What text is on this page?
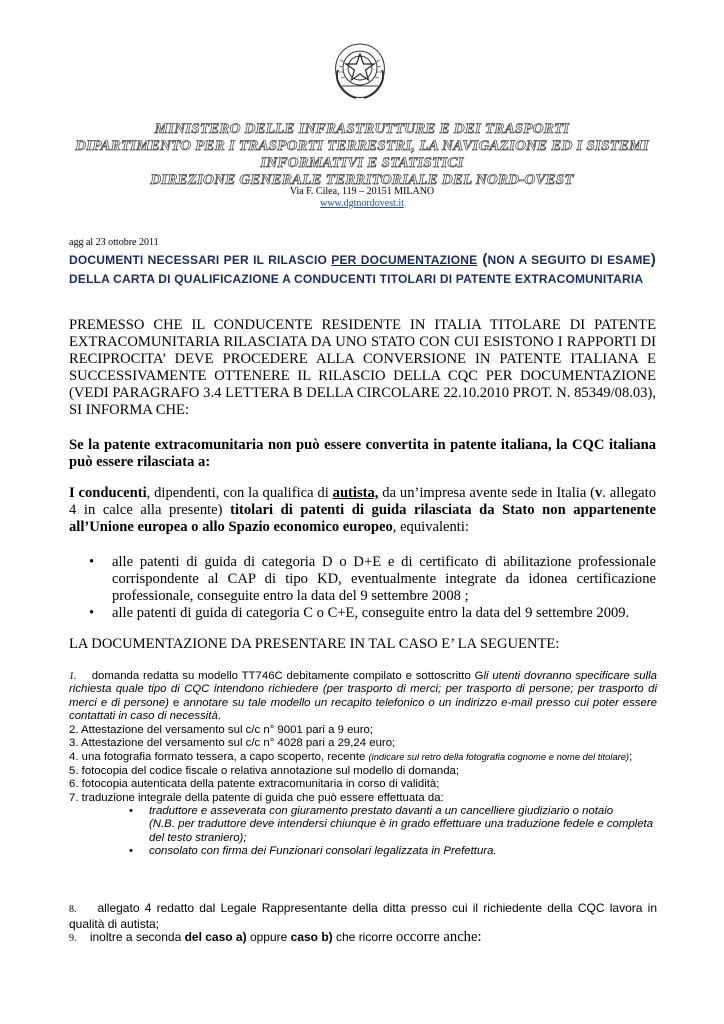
MINISTERO DELLE INFRASTRUTTURE E DEI TRASPORTI
DIPARTIMENTO PER I TRASPORTI TERRESTRI, LA NAVIGAZIONE ED I SISTEMI
INFORMATIVI E STATISTICI
DIREZIONE GENERALE TERRITORIALE DEL NORD-OVEST
Via F. Cilea, 119 – 20151 MILANO
www.dgtnordovest.it
agg al 23 ottobre 2011
DOCUMENTI NECESSARI PER IL RILASCIO PER DOCUMENTAZIONE (NON A SEGUITO DI ESAME) DELLA CARTA DI QUALIFICAZIONE A CONDUCENTI TITOLARI DI PATENTE EXTRACOMUNITARIA
PREMESSO CHE IL CONDUCENTE RESIDENTE IN ITALIA TITOLARE DI PATENTE EXTRACOMUNITARIA RILASCIATA DA UNO STATO CON CUI ESISTONO I RAPPORTI DI RECIPROCITA’ DEVE PROCEDERE ALLA CONVERSIONE IN PATENTE ITALIANA E SUCCESSIVAMENTE OTTENERE IL RILASCIO DELLA CQC PER DOCUMENTAZIONE (VEDI PARAGRAFO 3.4 LETTERA B DELLA CIRCOLARE 22.10.2010 PROT. N. 85349/08.03), SI INFORMA CHE:
Se la patente extracomunitaria non può essere convertita in patente italiana, la CQC italiana può essere rilasciata a:
I conducenti, dipendenti, con la qualifica di autista, da un’impresa avente sede in Italia (v. allegato 4 in calce alla presente) titolari di patenti di guida rilasciata da Stato non appartenente all’Unione europea o allo Spazio economico europeo, equivalenti:
• alle patenti di guida di categoria D o D+E e di certificato di abilitazione professionale corrispondente al CAP di tipo KD, eventualmente integrate da idonea certificazione professionale, conseguite entro la data del 9 settembre 2008 ;
• alle patenti di guida di categoria C o C+E, conseguite entro la data del 9 settembre 2009.
LA DOCUMENTAZIONE DA PRESENTARE IN TAL CASO E’ LA SEGUENTE:
1. domanda redatta su modello TT746C debitamente compilato e sottoscritto Gli utenti dovranno specificare sulla richiesta quale tipo di CQC intendono richiedere (per trasporto di merci; per trasporto di persone; per trasporto di merci e di persone) e annotare su tale modello un recapito telefonico o un indirizzo e-mail presso cui poter essere contattati in caso di necessità.
2. Attestazione del versamento sul c/c n° 9001 pari a 9 euro;
3. Attestazione del versamento sul c/c n° 4028 pari a 29,24 euro;
4. una fotografia formato tessera, a capo scoperto, recente (indicare sul retro della fotografia cognome e nome del titolare);
5. fotocopia del codice fiscale o relativa annotazione sul modello di domanda;
6. fotocopia autenticata della patente extracomunitaria in corso di validità;
7. traduzione integrale della patente di guida che può essere effettuata da:
• traduttore e asseverata con giuramento prestato davanti a un cancelliere giudiziario o notaio
(N.B. per traduttore deve intendersi chiunque è in grado effettuare una traduzione fedele e completa del testo straniero);
• consolato con firma dei Funzionari consolari legalizzata in Prefettura.
8. allegato 4 redatto dal Legale Rappresentante della ditta presso cui il richiedente della CQC lavora in qualità di autista;
9. inoltre a seconda del caso a) oppure caso b) che ricorre occorre anche:
